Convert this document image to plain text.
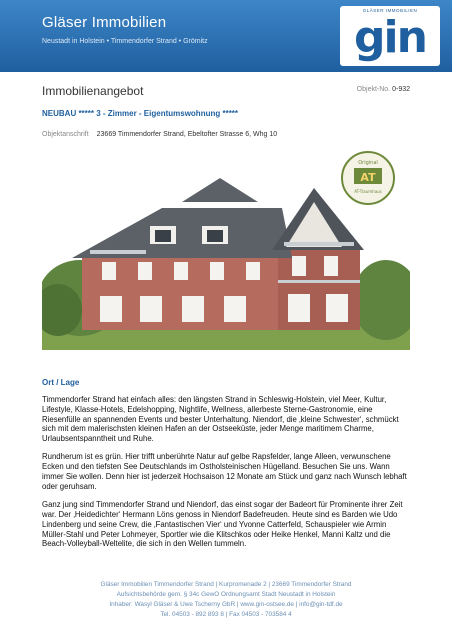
Gläser Immobilien
Neustadt in Holstein • Timmendorfer Strand • Grömitz
GLÄSER IMMOBILIEN
gin
Immobilienangebot	Objekt-No. 0-932
NEUBAU ***** 3 - Zimmer - Eigentumswohnung *****
Objektanschrift 23669 Timmendorfer Strand, Ebeltofter Strasse 6, Whg 10
Original
AT
AT-Traumhaus
Ort / Lage

Timmendorfer Strand hat einfach alles: den längsten Strand in Schleswig-Holstein, viel Meer, Kultur, Lifestyle, Klasse-Hotels, Edelshopping, Nightlife, Wellness, allerbeste Sterne-Gastronomie, eine Riesenfülle an spannenden Events und bester Unterhaltung. Niendorf, die ‚kleine Schwester‘, schmückt sich mit dem malerischsten kleinen Hafen an der Ostseeküste, jeder Menge maritimem Charme, Urlaubsentspanntheit und Ruhe.

Rundherum ist es grün. Hier trifft unberührte Natur auf gelbe Rapsfelder, lange Alleen, verwunschene Ecken und den tiefsten See Deutschlands im Ostholsteinischen Hügelland. Besuchen Sie uns. Wann immer Sie wollen. Denn hier ist jederzeit Hochsaison 12 Monate am Stück und ganz nach Wunsch lebhaft oder geruhsam.

Ganz jung sind Timmendorfer Strand und Niendorf, das einst sogar der Badeort für Prominente ihrer Zeit war. Der ‚Heidedichter‘ Hermann Löns genoss in Niendorf Badefreuden. Heute sind es Barden wie Udo Lindenberg und seine Crew, die ‚Fantastischen Vier‘ und Yvonne Catterfeld, Schauspieler wie Armin Müller-Stahl und Peter Lohmeyer, Sportler wie die Klitschkos oder Heike Henkel, Manni Kaltz und die Beach-Volleyball-Weltelite, die sich in den Wellen tummeln.

Gläser Immobilien Timmendorfer Strand | Kurpromenade 2 | 23669 Timmendorfer Strand
Aufsichtsbehörde gem. § 34c GewO Ordnungsamt Stadt Neustadt in Holstein
Inhaber: Wasyl Gläser & Uwe Tscherny GbR | www.gin-ostsee.de | info@gin-tdf.de
Tel. 04503 - 892 893 8 | Fax 04503 - 703584 4
